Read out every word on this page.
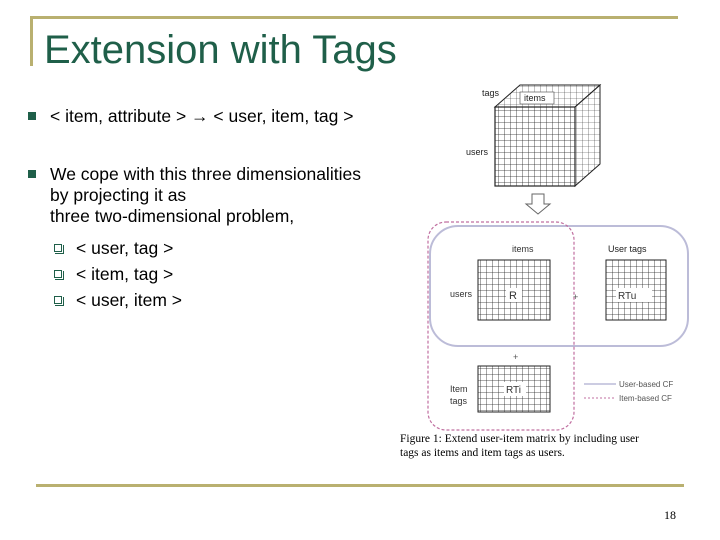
Extension with Tags
< item, attribute > → < user, item, tag >
We cope with this three dimensionalities
by projecting it as
three two-dimensional problem,
< user, tag >
< item, tag >
< user, item >
tags	items
users
items	User tags
R
users	+	RTu
+
RTi
Item
tags
User-based CF
Item-based CF
Figure 1: Extend user-item matrix by including user
tags as items and item tags as users.
18
